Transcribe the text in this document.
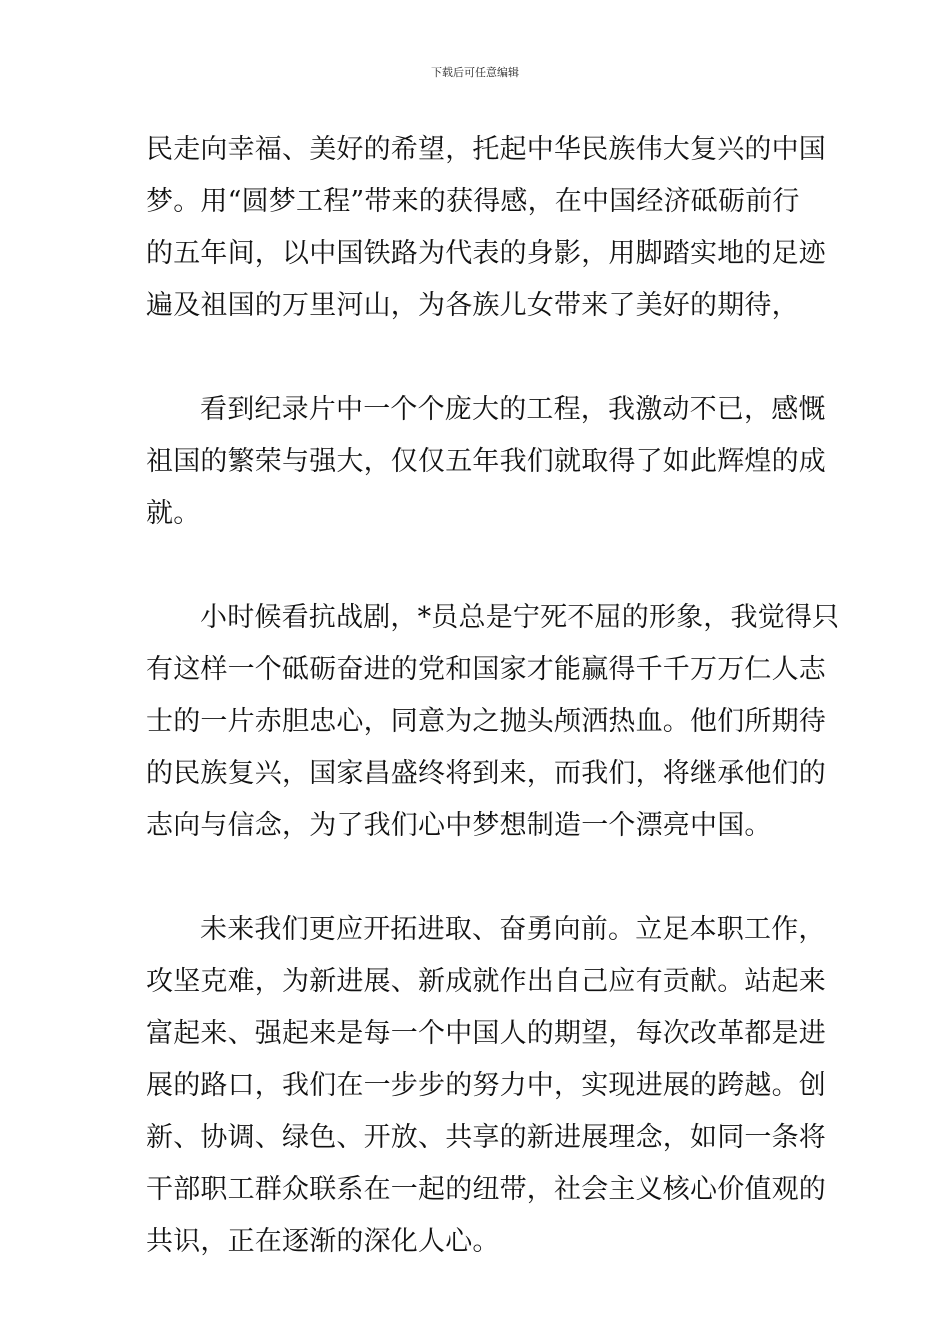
下载后可任意编辑

民走向幸福、美好的希望，托起中华民族伟大复兴的中国

梦。用“圆梦工程”带来的获得感，在中国经济砥砺前行

的五年间，以中国铁路为代表的身影，用脚踏实地的足迹

遍及祖国的万里河山，为各族儿女带来了美好的期待，

看到纪录片中一个个庞大的工程，我激动不已，感慨

祖国的繁荣与强大，仅仅五年我们就取得了如此辉煌的成

就。

小时候看抗战剧，*员总是宁死不屈的形象，我觉得只

有这样一个砥砺奋进的党和国家才能赢得千千万万仁人志

士的一片赤胆忠心，同意为之抛头颅洒热血。他们所期待

的民族复兴，国家昌盛终将到来，而我们，将继承他们的

志向与信念，为了我们心中梦想制造一个漂亮中国。

未来我们更应开拓进取、奋勇向前。立足本职工作，

攻坚克难，为新进展、新成就作出自己应有贡献。站起来

富起来、强起来是每一个中国人的期望，每次改革都是进

展的路口，我们在一步步的努力中，实现进展的跨越。创

新、协调、绿色、开放、共享的新进展理念，如同一条将

干部职工群众联系在一起的纽带，社会主义核心价值观的

共识，正在逐渐的深化人心。
